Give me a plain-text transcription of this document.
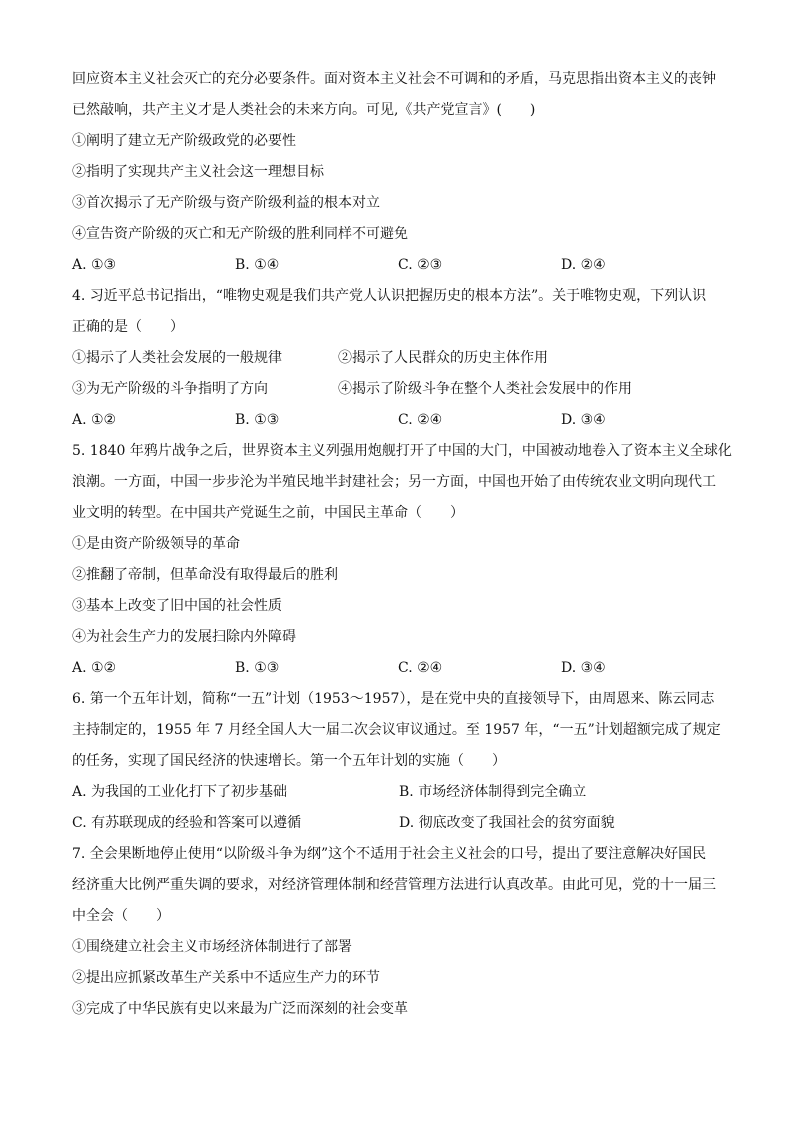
回应资本主义社会灭亡的充分必要条件。面对资本主义社会不可调和的矛盾，马克思指出资本主义的丧钟
已然敲响，共产主义才是人类社会的未来方向。可见,《共产党宣言》(　　)
①阐明了建立无产阶级政党的必要性
②指明了实现共产主义社会这一理想目标
③首次揭示了无产阶级与资产阶级利益的根本对立
④宣告资产阶级的灭亡和无产阶级的胜利同样不可避免
A. ①③	B. ①④	C. ②③	D. ②④
4. 习近平总书记指出，“唯物史观是我们共产党人认识把握历史的根本方法”。关于唯物史观，下列认识
正确的是（　　）
①揭示了人类社会发展的一般规律	②揭示了人民群众的历史主体作用
③为无产阶级的斗争指明了方向	④揭示了阶级斗争在整个人类社会发展中的作用
A. ①②	B. ①③	C. ②④	D. ③④
5. 1840 年鸦片战争之后，世界资本主义列强用炮舰打开了中国的大门，中国被动地卷入了资本主义全球化
浪潮。一方面，中国一步步沦为半殖民地半封建社会；另一方面，中国也开始了由传统农业文明向现代工
业文明的转型。在中国共产党诞生之前，中国民主革命（　　）
①是由资产阶级领导的革命
②推翻了帝制，但革命没有取得最后的胜利
③基本上改变了旧中国的社会性质
④为社会生产力的发展扫除内外障碍
A. ①②	B. ①③	C. ②④	D. ③④
6. 第一个五年计划，简称“一五”计划（1953～1957），是在党中央的直接领导下，由周恩来、陈云同志
主持制定的，1955 年 7 月经全国人大一届二次会议审议通过。至 1957 年，“一五”计划超额完成了规定
的任务，实现了国民经济的快速增长。第一个五年计划的实施（　　）
A. 为我国的工业化打下了初步基础	B. 市场经济体制得到完全确立
C. 有苏联现成的经验和答案可以遵循	D. 彻底改变了我国社会的贫穷面貌
7. 全会果断地停止使用“以阶级斗争为纲”这个不适用于社会主义社会的口号，提出了要注意解决好国民
经济重大比例严重失调的要求，对经济管理体制和经营管理方法进行认真改革。由此可见，党的十一届三
中全会（　　）
①围绕建立社会主义市场经济体制进行了部署
②提出应抓紧改革生产关系中不适应生产力的环节
③完成了中华民族有史以来最为广泛而深刻的社会变革
